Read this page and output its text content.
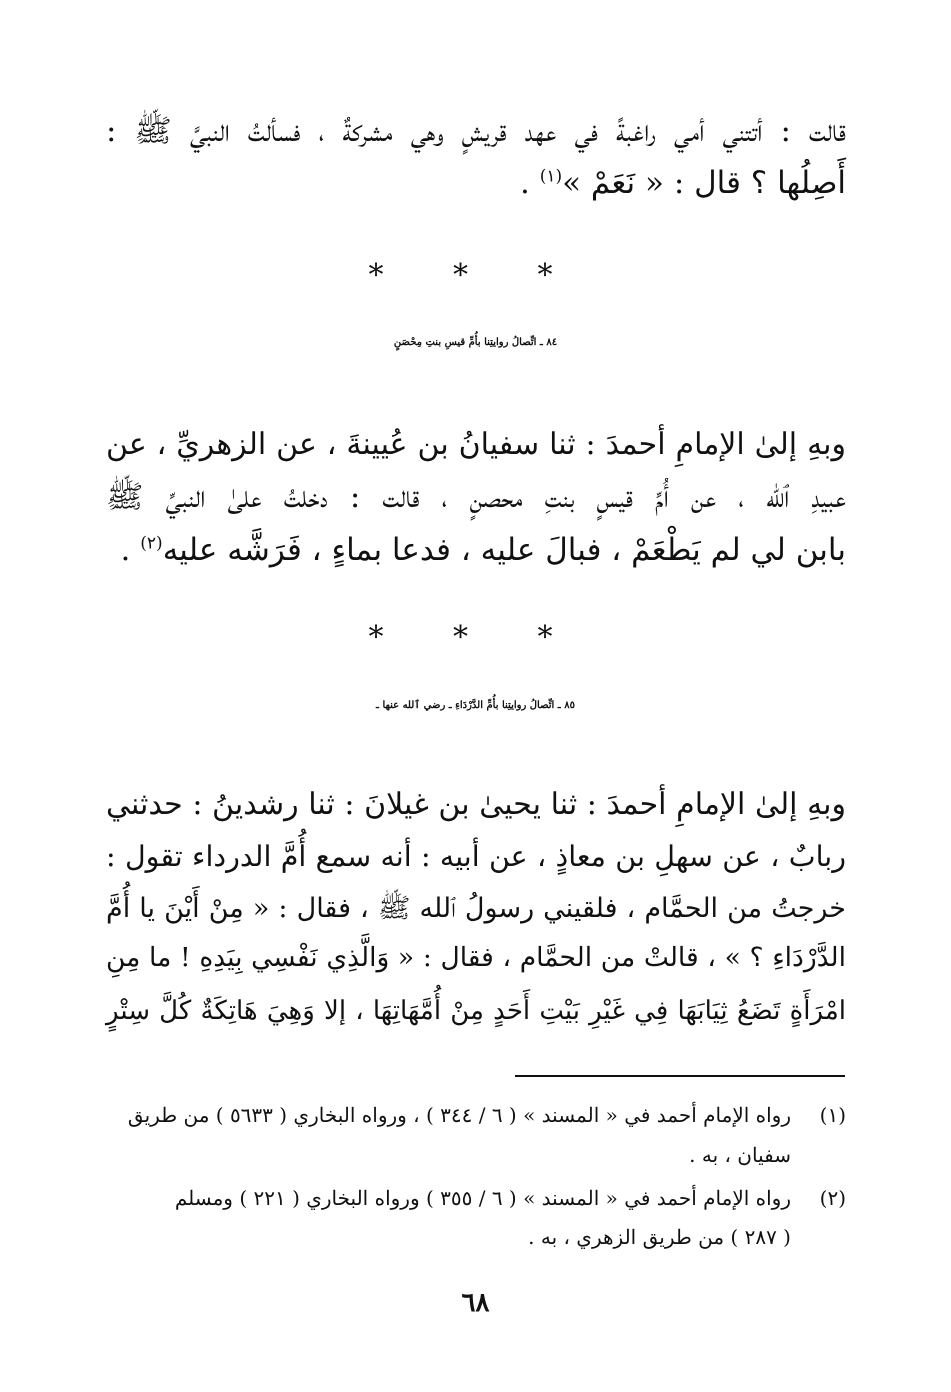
قالت : أتتني أمي راغبةً في عهد قريشٍ وهي مشركةٌ ، فسألتُ النبيَّ ﷺ :
أَصِلُها ؟ قال : « نَعَمْ »$^{(١)}$ .
* * *
٨٤ ـ اتِّصالُ روايتِنا بأُمِّ قيسِ بنتِ مِحْصَنٍ
وبهِ إلىٰ الإمامِ أحمدَ : ثنا سفيانُ بن عُيينةَ ، عن الزهريِّ ، عن
عبيدِ ٱلله ، عن أُمِّ قيسٍ بنتِ محصنٍ ، قالت : دخلتُ علىٰ النبيِّ ﷺ
بابن لي لم يَطْعَمْ ، فبالَ عليه ، فدعا بماءٍ ، فَرَشَّه عليه$^{(٢)}$ .
* * *
٨٥ ـ اتِّصالُ روايتِنا بأُمِّ الدَّرْدَاءِ ـ رضي ٱلله عنها ـ
وبهِ إلىٰ الإمامِ أحمدَ : ثنا يحيىٰ بن غيلانَ : ثنا رشدينُ : حدثني
ربابٌ ، عن سهلِ بن معاذٍ ، عن أبيه : أنه سمع أُمَّ الدرداء تقول :
خرجتُ من الحمَّام ، فلقيني رسولُ ٱلله ﷺ ، فقال : « مِنْ أَيْنَ يا أُمَّ
الدَّرْدَاءِ ؟ » ، قالتْ من الحمَّام ، فقال : « وَالَّذِي نَفْسِي بِيَدِهِ ! ما مِنِ
امْرَأَةٍ تَضَعُ ثِيَابَهَا فِي غَيْرِ بَيْتِ أَحَدٍ مِنْ أُمَّهَاتِهَا ، إلا وَهِيَ هَاتِكَةٌ كُلَّ سِتْرٍ
(١)
رواه الإمام أحمد في « المسند » ( ٦ / ٣٤٤ ) ، ورواه البخاري ( ٥٦٣٣ ) من طريق
سفيان ، به .
(٢)
رواه الإمام أحمد في « المسند » ( ٦ / ٣٥٥ ) ورواه البخاري ( ٢٢١ ) ومسلم
( ٢٨٧ ) من طريق الزهري ، به .
٦٨
